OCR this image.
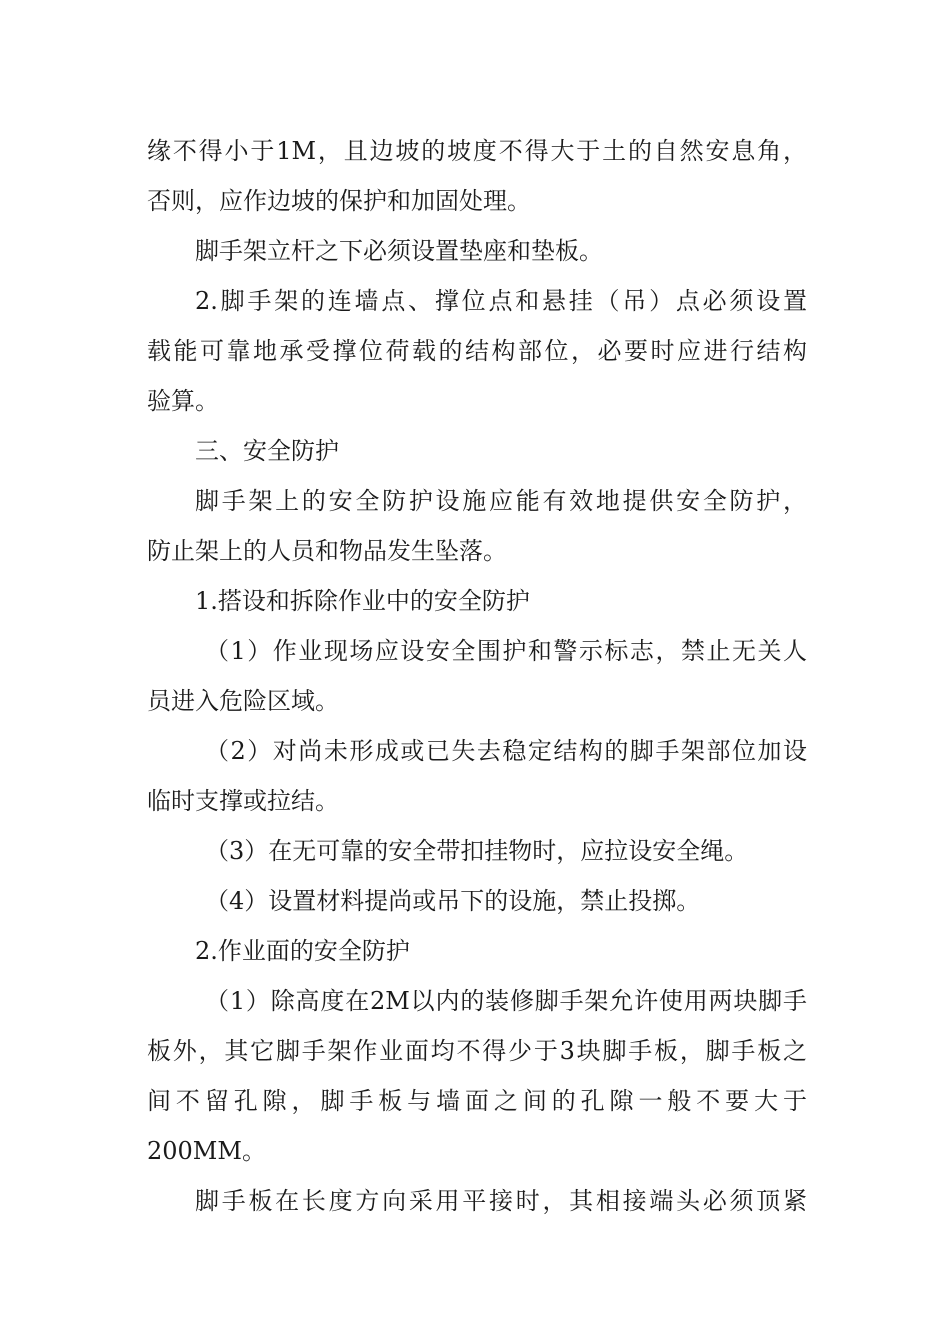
缘不得小于1M，且边坡的坡度不得大于土的自然安息角，
否则，应作边坡的保护和加固处理。
脚手架立杆之下必须设置垫座和垫板。
2.脚手架的连墙点、撑位点和悬挂（吊）点必须设置
载能可靠地承受撑位荷载的结构部位，必要时应进行结构
验算。
三、安全防护
脚手架上的安全防护设施应能有效地提供安全防护，
防止架上的人员和物品发生坠落。
1.搭设和拆除作业中的安全防护
（1）作业现场应设安全围护和警示标志，禁止无关人
员进入危险区域。
（2）对尚未形成或已失去稳定结构的脚手架部位加设
临时支撑或拉结。
（3）在无可靠的安全带扣挂物时，应拉设安全绳。
（4）设置材料提尚或吊下的设施，禁止投掷。
2.作业面的安全防护
（1）除高度在2M以内的装修脚手架允许使用两块脚手
板外，其它脚手架作业面均不得少于3块脚手板，脚手板之
间不留孔隙，脚手板与墙面之间的孔隙一般不要大于
200MM。
脚手板在长度方向采用平接时，其相接端头必须顶紧
